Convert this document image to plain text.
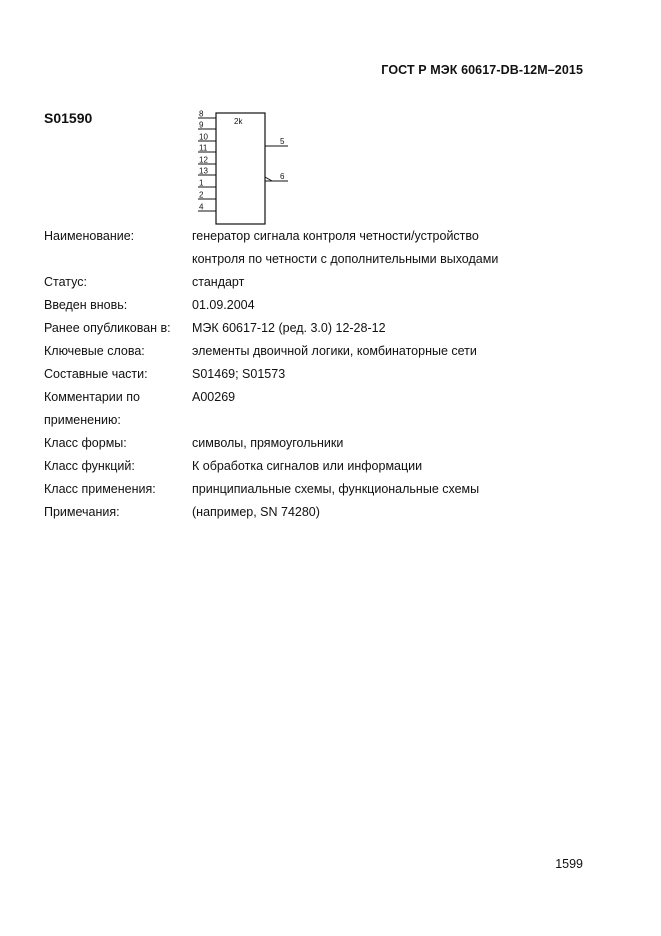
ГОСТ Р МЭК 60617-DB-12М–2015
S01590	2k
8
9
10
11
12
13
1
2
4
5
6
Наименование:	генератор сигнала контроля четности/устройство
контроля по четности с дополнительными выходами
Статус:	стандарт
Введен вновь:	01.09.2004
Ранее опубликован в:	МЭК 60617-12 (ред. 3.0) 12-28-12
Ключевые слова:	элементы двоичной логики, комбинаторные сети
Составные части:	S01469; S01573
Комментарии по	A00269
применению:
Класс формы:	символы, прямоугольники
Класс функций:	К обработка сигналов или информации
Класс применения:	принципиальные схемы, функциональные схемы
Примечания:	(например, SN 74280)
1599
